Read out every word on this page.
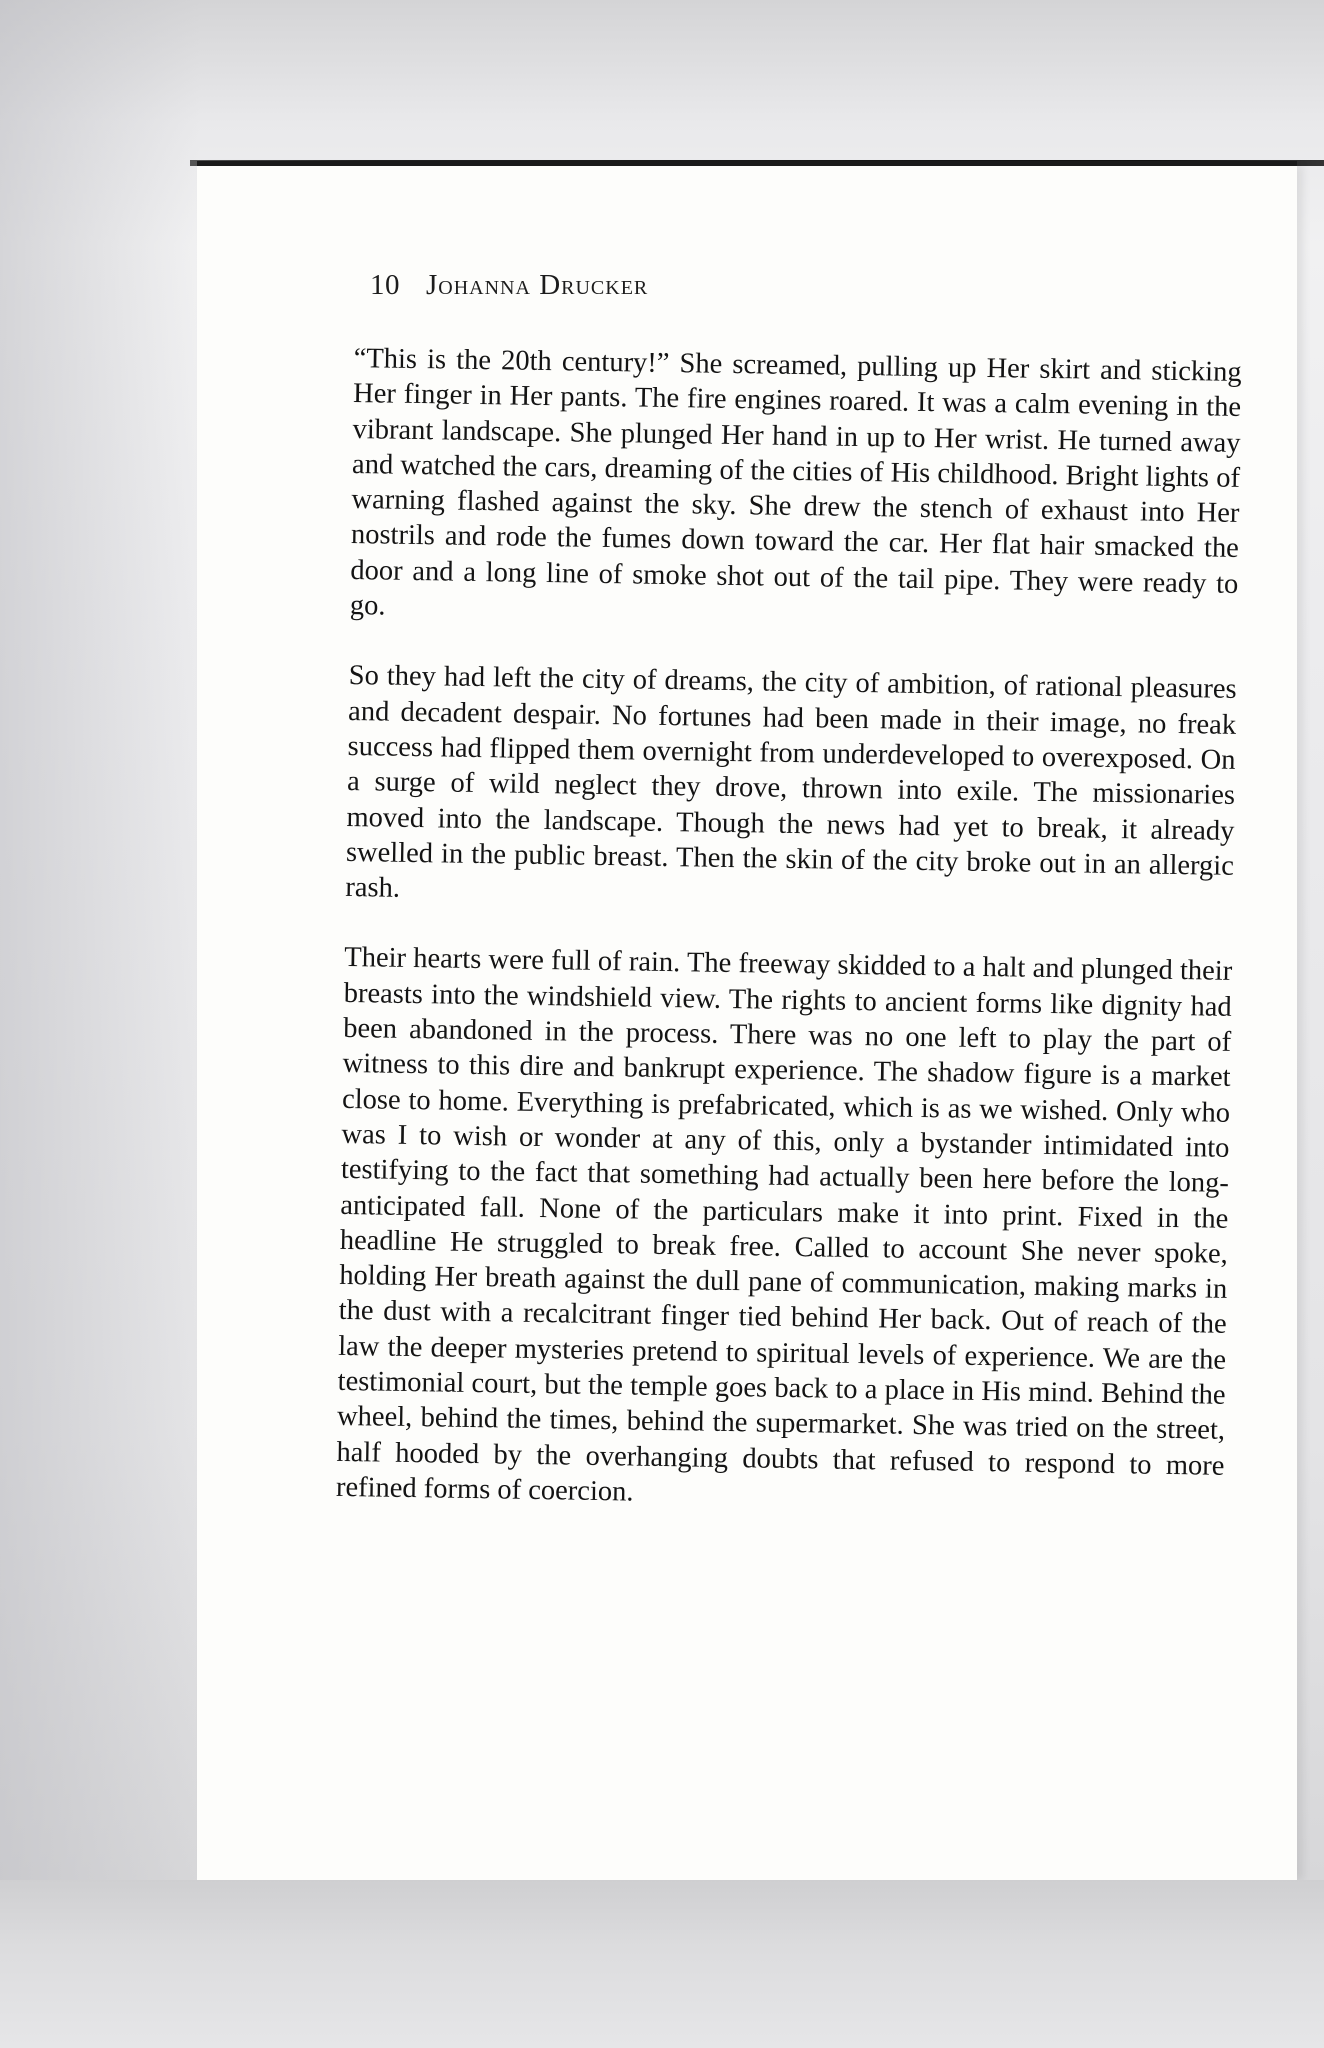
10 Johanna Drucker

“This is the 20th century!” She screamed, pulling up Her skirt and sticking Her finger in Her pants. The fire engines roared. It was a calm evening in the vibrant landscape. She plunged Her hand in up to Her wrist. He turned away and watched the cars, dreaming of the cities of His childhood. Bright lights of warning flashed against the sky. She drew the stench of exhaust into Her nostrils and rode the fumes down toward the car. Her flat hair smacked the door and a long line of smoke shot out of the tail pipe. They were ready to go.

So they had left the city of dreams, the city of ambition, of rational pleasures and decadent despair. No fortunes had been made in their image, no freak success had flipped them overnight from underdeveloped to overexposed. On a surge of wild neglect they drove, thrown into exile. The missionaries moved into the landscape. Though the news had yet to break, it already swelled in the public breast. Then the skin of the city broke out in an allergic rash.

Their hearts were full of rain. The freeway skidded to a halt and plunged their breasts into the windshield view. The rights to ancient forms like dignity had been abandoned in the process. There was no one left to play the part of witness to this dire and bankrupt experience. The shadow figure is a market close to home. Everything is prefabricated, which is as we wished. Only who was I to wish or wonder at any of this, only a bystander intimidated into testifying to the fact that something had actually been here before the long-anticipated fall. None of the particulars make it into print. Fixed in the headline He struggled to break free. Called to account She never spoke, holding Her breath against the dull pane of communication, making marks in the dust with a recalcitrant finger tied behind Her back. Out of reach of the law the deeper mysteries pretend to spiritual levels of experience. We are the testimonial court, but the temple goes back to a place in His mind. Behind the wheel, behind the times, behind the supermarket. She was tried on the street, half hooded by the overhanging doubts that refused to respond to more refined forms of coercion.
